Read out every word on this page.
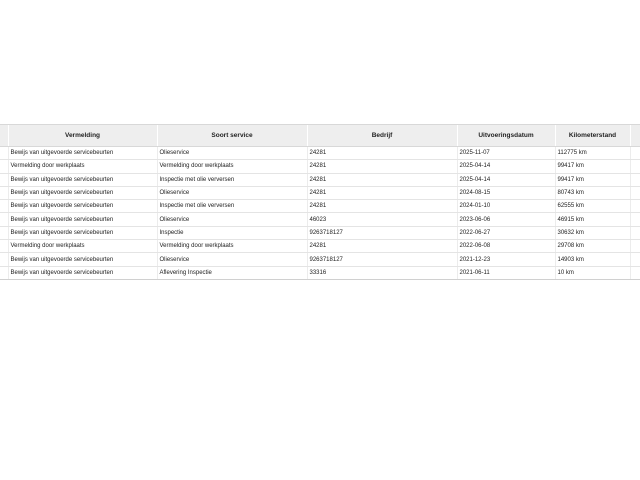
	Vermelding	Soort service	Bedrijf	Uitvoeringsdatum	Kilometerstand	
	Bewijs van uitgevoerde servicebeurten	Olieservice	24281	2025-11-07	112775 km	
	Vermelding door werkplaats	Vermelding door werkplaats	24281	2025-04-14	99417 km	
	Bewijs van uitgevoerde servicebeurten	Inspectie met olie verversen	24281	2025-04-14	99417 km	
	Bewijs van uitgevoerde servicebeurten	Olieservice	24281	2024-08-15	80743 km	
	Bewijs van uitgevoerde servicebeurten	Inspectie met olie verversen	24281	2024-01-10	62555 km	
	Bewijs van uitgevoerde servicebeurten	Olieservice	46023	2023-06-06	46915 km	
	Bewijs van uitgevoerde servicebeurten	Inspectie	9263718127	2022-06-27	30632 km	
	Vermelding door werkplaats	Vermelding door werkplaats	24281	2022-06-08	29708 km	
	Bewijs van uitgevoerde servicebeurten	Olieservice	9263718127	2021-12-23	14903 km	
	Bewijs van uitgevoerde servicebeurten	Aflevering Inspectie	33316	2021-06-11	10 km	
